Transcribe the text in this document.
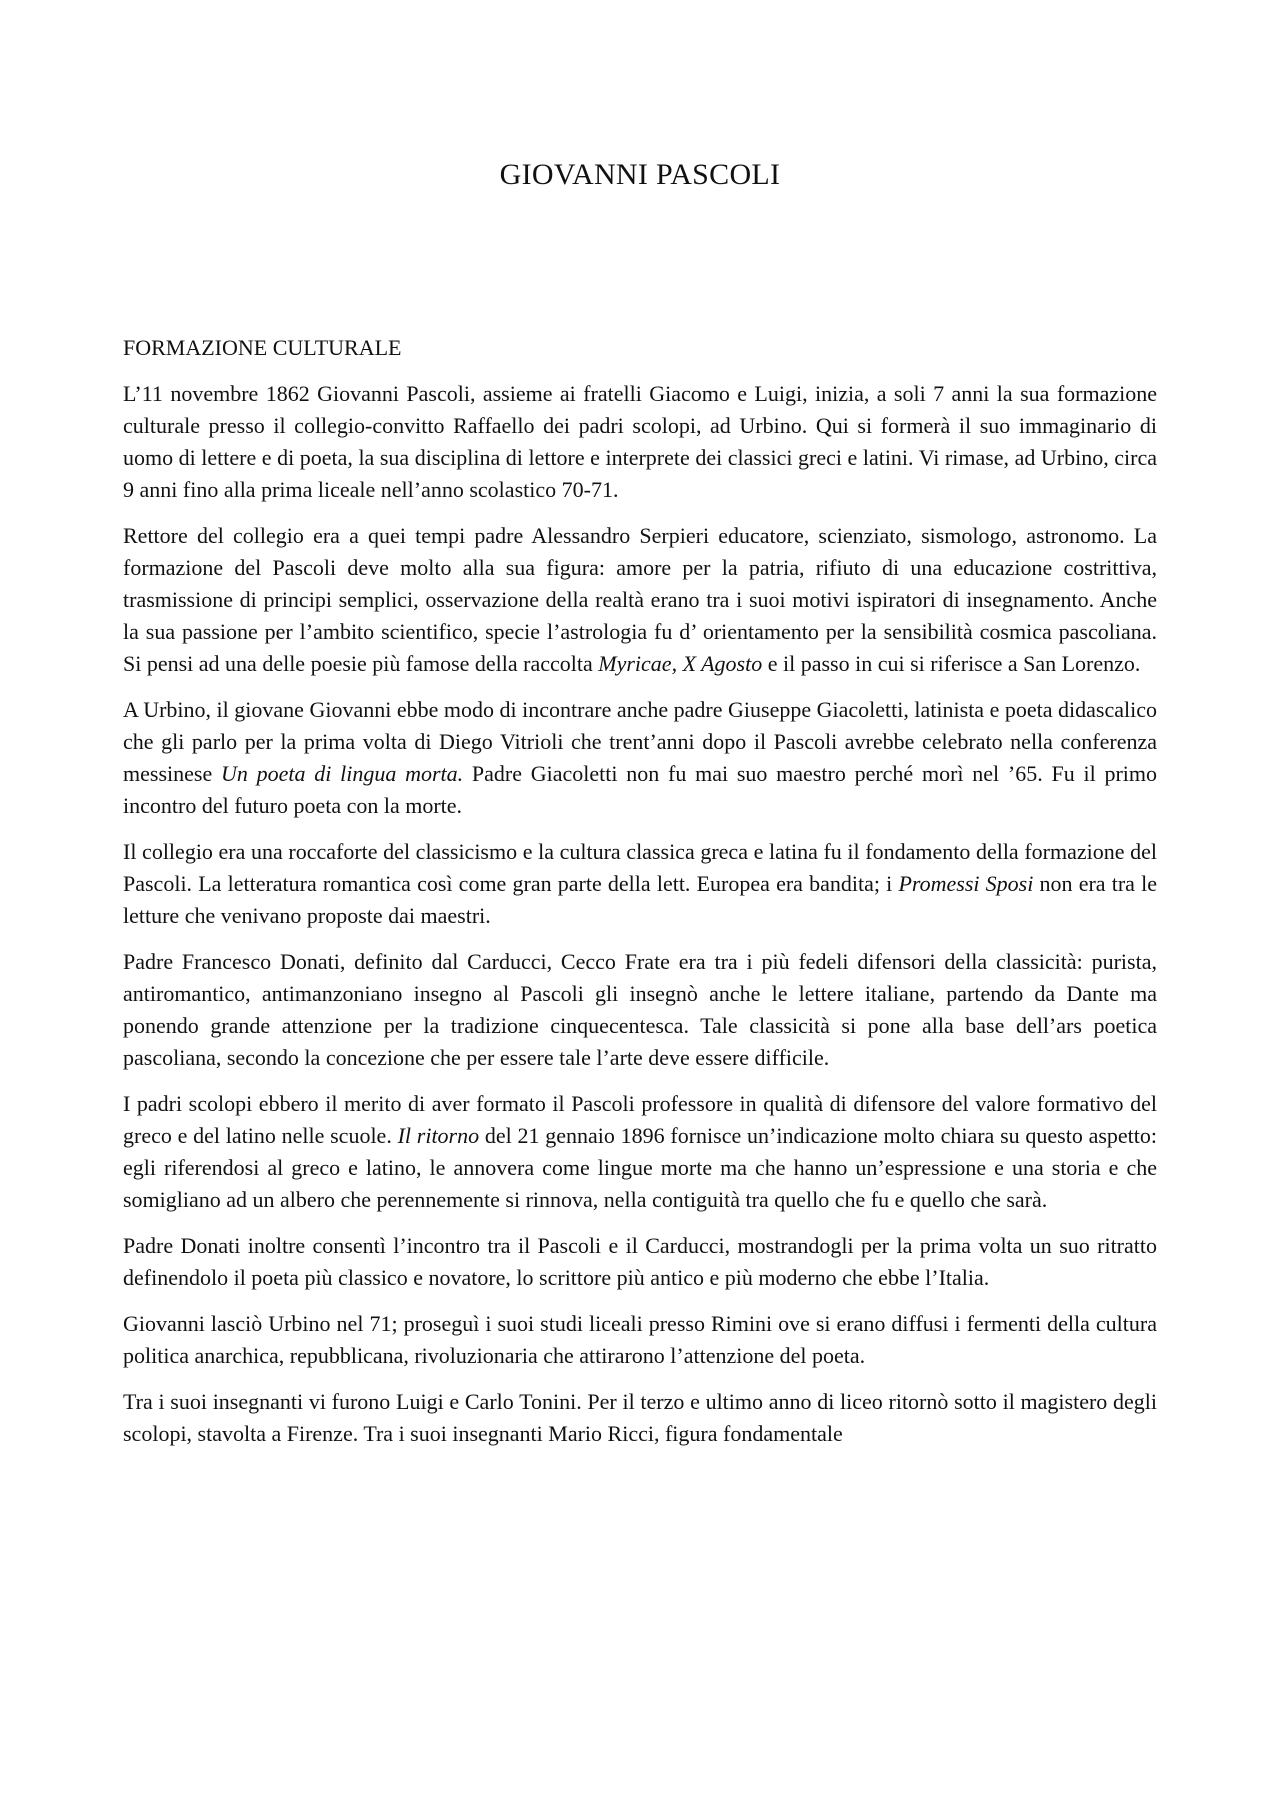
GIOVANNI PASCOLI
FORMAZIONE CULTURALE

L’11 novembre 1862 Giovanni Pascoli, assieme ai fratelli Giacomo e Luigi, inizia, a soli 7 anni la sua formazione culturale presso il collegio-convitto Raffaello dei padri scolopi, ad Urbino. Qui si formerà il suo immaginario di uomo di lettere e di poeta, la sua disciplina di lettore e interprete dei classici greci e latini. Vi rimase, ad Urbino, circa 9 anni fino alla prima liceale nell’anno scolastico 70-71.

Rettore del collegio era a quei tempi padre Alessandro Serpieri educatore, scienziato, sismologo, astronomo. La formazione del Pascoli deve molto alla sua figura: amore per la patria, rifiuto di una educazione costrittiva, trasmissione di principi semplici, osservazione della realtà erano tra i suoi motivi ispiratori di insegnamento. Anche la sua passione per l’ambito scientifico, specie l’astrologia fu d’ orientamento per la sensibilità cosmica pascoliana. Si pensi ad una delle poesie più famose della raccolta Myricae, X Agosto e il passo in cui si riferisce a San Lorenzo.

A Urbino, il giovane Giovanni ebbe modo di incontrare anche padre Giuseppe Giacoletti, latinista e poeta didascalico che gli parlo per la prima volta di Diego Vitrioli che trent’anni dopo il Pascoli avrebbe celebrato nella conferenza messinese Un poeta di lingua morta. Padre Giacoletti non fu mai suo maestro perché morì nel ’65. Fu il primo incontro del futuro poeta con la morte.

Il collegio era una roccaforte del classicismo e la cultura classica greca e latina fu il fondamento della formazione del Pascoli. La letteratura romantica così come gran parte della lett. Europea era bandita; i Promessi Sposi non era tra le letture che venivano proposte dai maestri.

Padre Francesco Donati, definito dal Carducci, Cecco Frate era tra i più fedeli difensori della classicità: purista, antiromantico, antimanzoniano insegno al Pascoli gli insegnò anche le lettere italiane, partendo da Dante ma ponendo grande attenzione per la tradizione cinquecentesca. Tale classicità si pone alla base dell’ars poetica pascoliana, secondo la concezione che per essere tale l’arte deve essere difficile.

I padri scolopi ebbero il merito di aver formato il Pascoli professore in qualità di difensore del valore formativo del greco e del latino nelle scuole. Il ritorno del 21 gennaio 1896 fornisce un’indicazione molto chiara su questo aspetto: egli riferendosi al greco e latino, le annovera come lingue morte ma che hanno un’espressione e una storia e che somigliano ad un albero che perennemente si rinnova, nella contiguità tra quello che fu e quello che sarà.

Padre Donati inoltre consentì l’incontro tra il Pascoli e il Carducci, mostrandogli per la prima volta un suo ritratto definendolo il poeta più classico e novatore, lo scrittore più antico e più moderno che ebbe l’Italia.

Giovanni lasciò Urbino nel 71; proseguì i suoi studi liceali presso Rimini ove si erano diffusi i fermenti della cultura politica anarchica, repubblicana, rivoluzionaria che attirarono l’attenzione del poeta.

Tra i suoi insegnanti vi furono Luigi e Carlo Tonini. Per il terzo e ultimo anno di liceo ritornò sotto il magistero degli scolopi, stavolta a Firenze. Tra i suoi insegnanti Mario Ricci, figura fondamentale
